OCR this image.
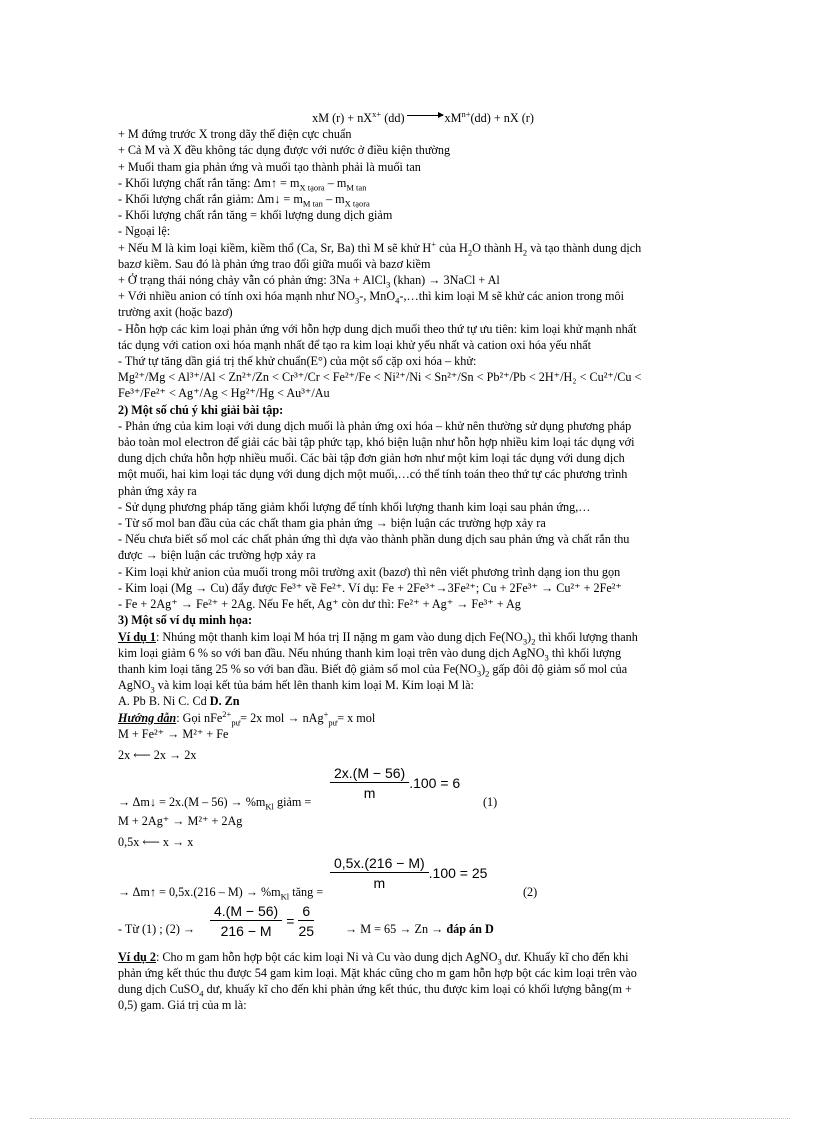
xM $(r) + nX^{x+}$ (dd)	$xM^{n+}(dd)$ + nX (r)
+ M đứng trước X trong dãy thế điện cực chuẩn
+ Cả M và X đều không tác dụng được với nước ở điều kiện thường
+ Muối tham gia phản ứng và muối tạo thành phải là muối tan
- Khối lượng chất rắn tăng: Δm↑ = $m_{X tạora} - m_{M tan}$
- Khối lượng chất rắn giảm: Δm↓ = $m_{M tan} - m_{X tạora}$
- Khối lượng chất rắn tăng = khối lượng dung dịch giảm
- Ngoại lệ:
+ Nếu M là kim loại kiềm, kiềm thổ (Ca, Sr, Ba) thì M sẽ khử H+ của $H_2O$ thành $H_2$ và tạo thành dung dịch
bazơ kiềm. Sau đó là phản ứng trao đổi giữa muối và bazơ kiềm
+ Ở trạng thái nóng chảy vẫn có phản ứng: 3Na + AlCl$_3$ (khan) → 3NaCl + Al
+ Với nhiều anion có tính oxi hóa mạnh như $NO_3-$, MnO$_4$-,…thì kim loại M sẽ khử các anion trong môi
trường axit (hoặc bazơ)
- Hỗn hợp các kim loại phản ứng với hỗn hợp dung dịch muối theo thứ tự ưu tiên: kim loại khử mạnh nhất
tác dụng với cation oxi hóa mạnh nhất để tạo ra kim loại khử yếu nhất và cation oxi hóa yếu nhất
- Thứ tự tăng dần giá trị thế khử chuẩn(E°) của một số cặp oxi hóa – khử:
Mg²⁺/Mg < Al³⁺/Al < Zn²⁺/Zn < Cr³⁺/Cr < Fe²⁺/Fe < Ni²⁺/Ni < Sn²⁺/Sn < Pb²⁺/Pb < 2H⁺/H₂ < Cu²⁺/Cu <
Fe³⁺/Fe²⁺ < Ag⁺/Ag < Hg²⁺/Hg < Au³⁺/Au
2) Một số chú ý khi giải bài tập:
- Phản ứng của kim loại với dung dịch muối là phản ứng oxi hóa – khử nên thường sử dụng phương pháp
bảo toàn mol electron để giải các bài tập phức tạp, khó biện luận như hỗn hợp nhiều kim loại tác dụng với
dung dịch chứa hỗn hợp nhiều muối. Các bài tập đơn giản hơn như một kim loại tác dụng với dung dịch
một muối, hai kim loại tác dụng với dung dịch một muối,…có thể tính toán theo thứ tự các phương trình
phản ứng xảy ra
- Sử dụng phương pháp tăng giảm khối lượng để tính khối lượng thanh kim loại sau phản ứng,…
- Từ số mol ban đầu của các chất tham gia phản ứng → biện luận các trường hợp xảy ra
- Nếu chưa biết số mol các chất phản ứng thì dựa vào thành phần dung dịch sau phản ứng và chất rắn thu
được → biện luận các trường hợp xảy ra
- Kim loại khử anion của muối trong môi trường axit (bazơ) thì nên viết phương trình dạng ion thu gọn
- Kim loại (Mg → Cu) đẩy được Fe³⁺ về Fe²⁺. Ví dụ: Fe + 2Fe³⁺→3Fe²⁺; Cu + 2Fe³⁺ → Cu²⁺ + 2Fe²⁺
- Fe + 2Ag⁺ → Fe²⁺ + 2Ag. Nếu Fe hết, Ag⁺ còn dư thì: Fe²⁺ + Ag⁺ → Fe³⁺ + Ag
3) Một số ví dụ minh họa:
Ví dụ 1: Nhúng một thanh kim loại M hóa trị II nặng m gam vào dung dịch $Fe(NO_3)_2$ thì khối lượng thanh
kim loại giảm 6 % so với ban đầu. Nếu nhúng thanh kim loại trên vào dung dịch AgNO$_3$ thì khối lượng
thanh kim loại tăng 25 % so với ban đầu. Biết độ giảm số mol của $Fe(NO_3)_2$ gấp đôi độ giảm số mol của
AgNO$_3$ và kim loại kết tủa bám hết lên thanh kim loại M. Kim loại M là:
A. Pb B. Ni C. Cd D. Zn
Hướng dẫn: Gọi nFe$^{2+}_{pư}$= 2x mol → nAg+$_{pư}$= x mol
M + Fe²⁺ → M²⁺ + Fe
2x ⟵ 2x → 2x
$\frac{2x.(M - 56)}{m} .100 = 6$
→ Δm↓ = $2x.(M - 56) \to \%m_{Kl}$ giảm =	(1)
M + 2Ag⁺ → M²⁺ + 2Ag
0,5x ⟵ x → x
$\frac{0,5x.(216 - M)}{m} .100 = 25$
→ Δm↑ = $0,5x.(216 - M) \to \%m_{Kl}$ tăng =	(2)
- Từ (1) ; $(2) \to \frac{4.(M - 56)}{216 - M} = \frac{6}{25}$	→ M = 65 → Zn → đáp án D
Ví dụ 2: Cho m gam hỗn hợp bột các kim loại Ni và Cu vào dung dịch AgNO$_3$ dư. Khuấy kĩ cho đến khi
phản ứng kết thúc thu được 54 gam kim loại. Mặt khác cũng cho m gam hỗn hợp bột các kim loại trên vào
dung dịch CuSO$_4$ dư, khuấy kĩ cho đến khi phản ứng kết thúc, thu được kim loại có khối lượng bằng(m +
0,5) gam. Giá trị của m là:
